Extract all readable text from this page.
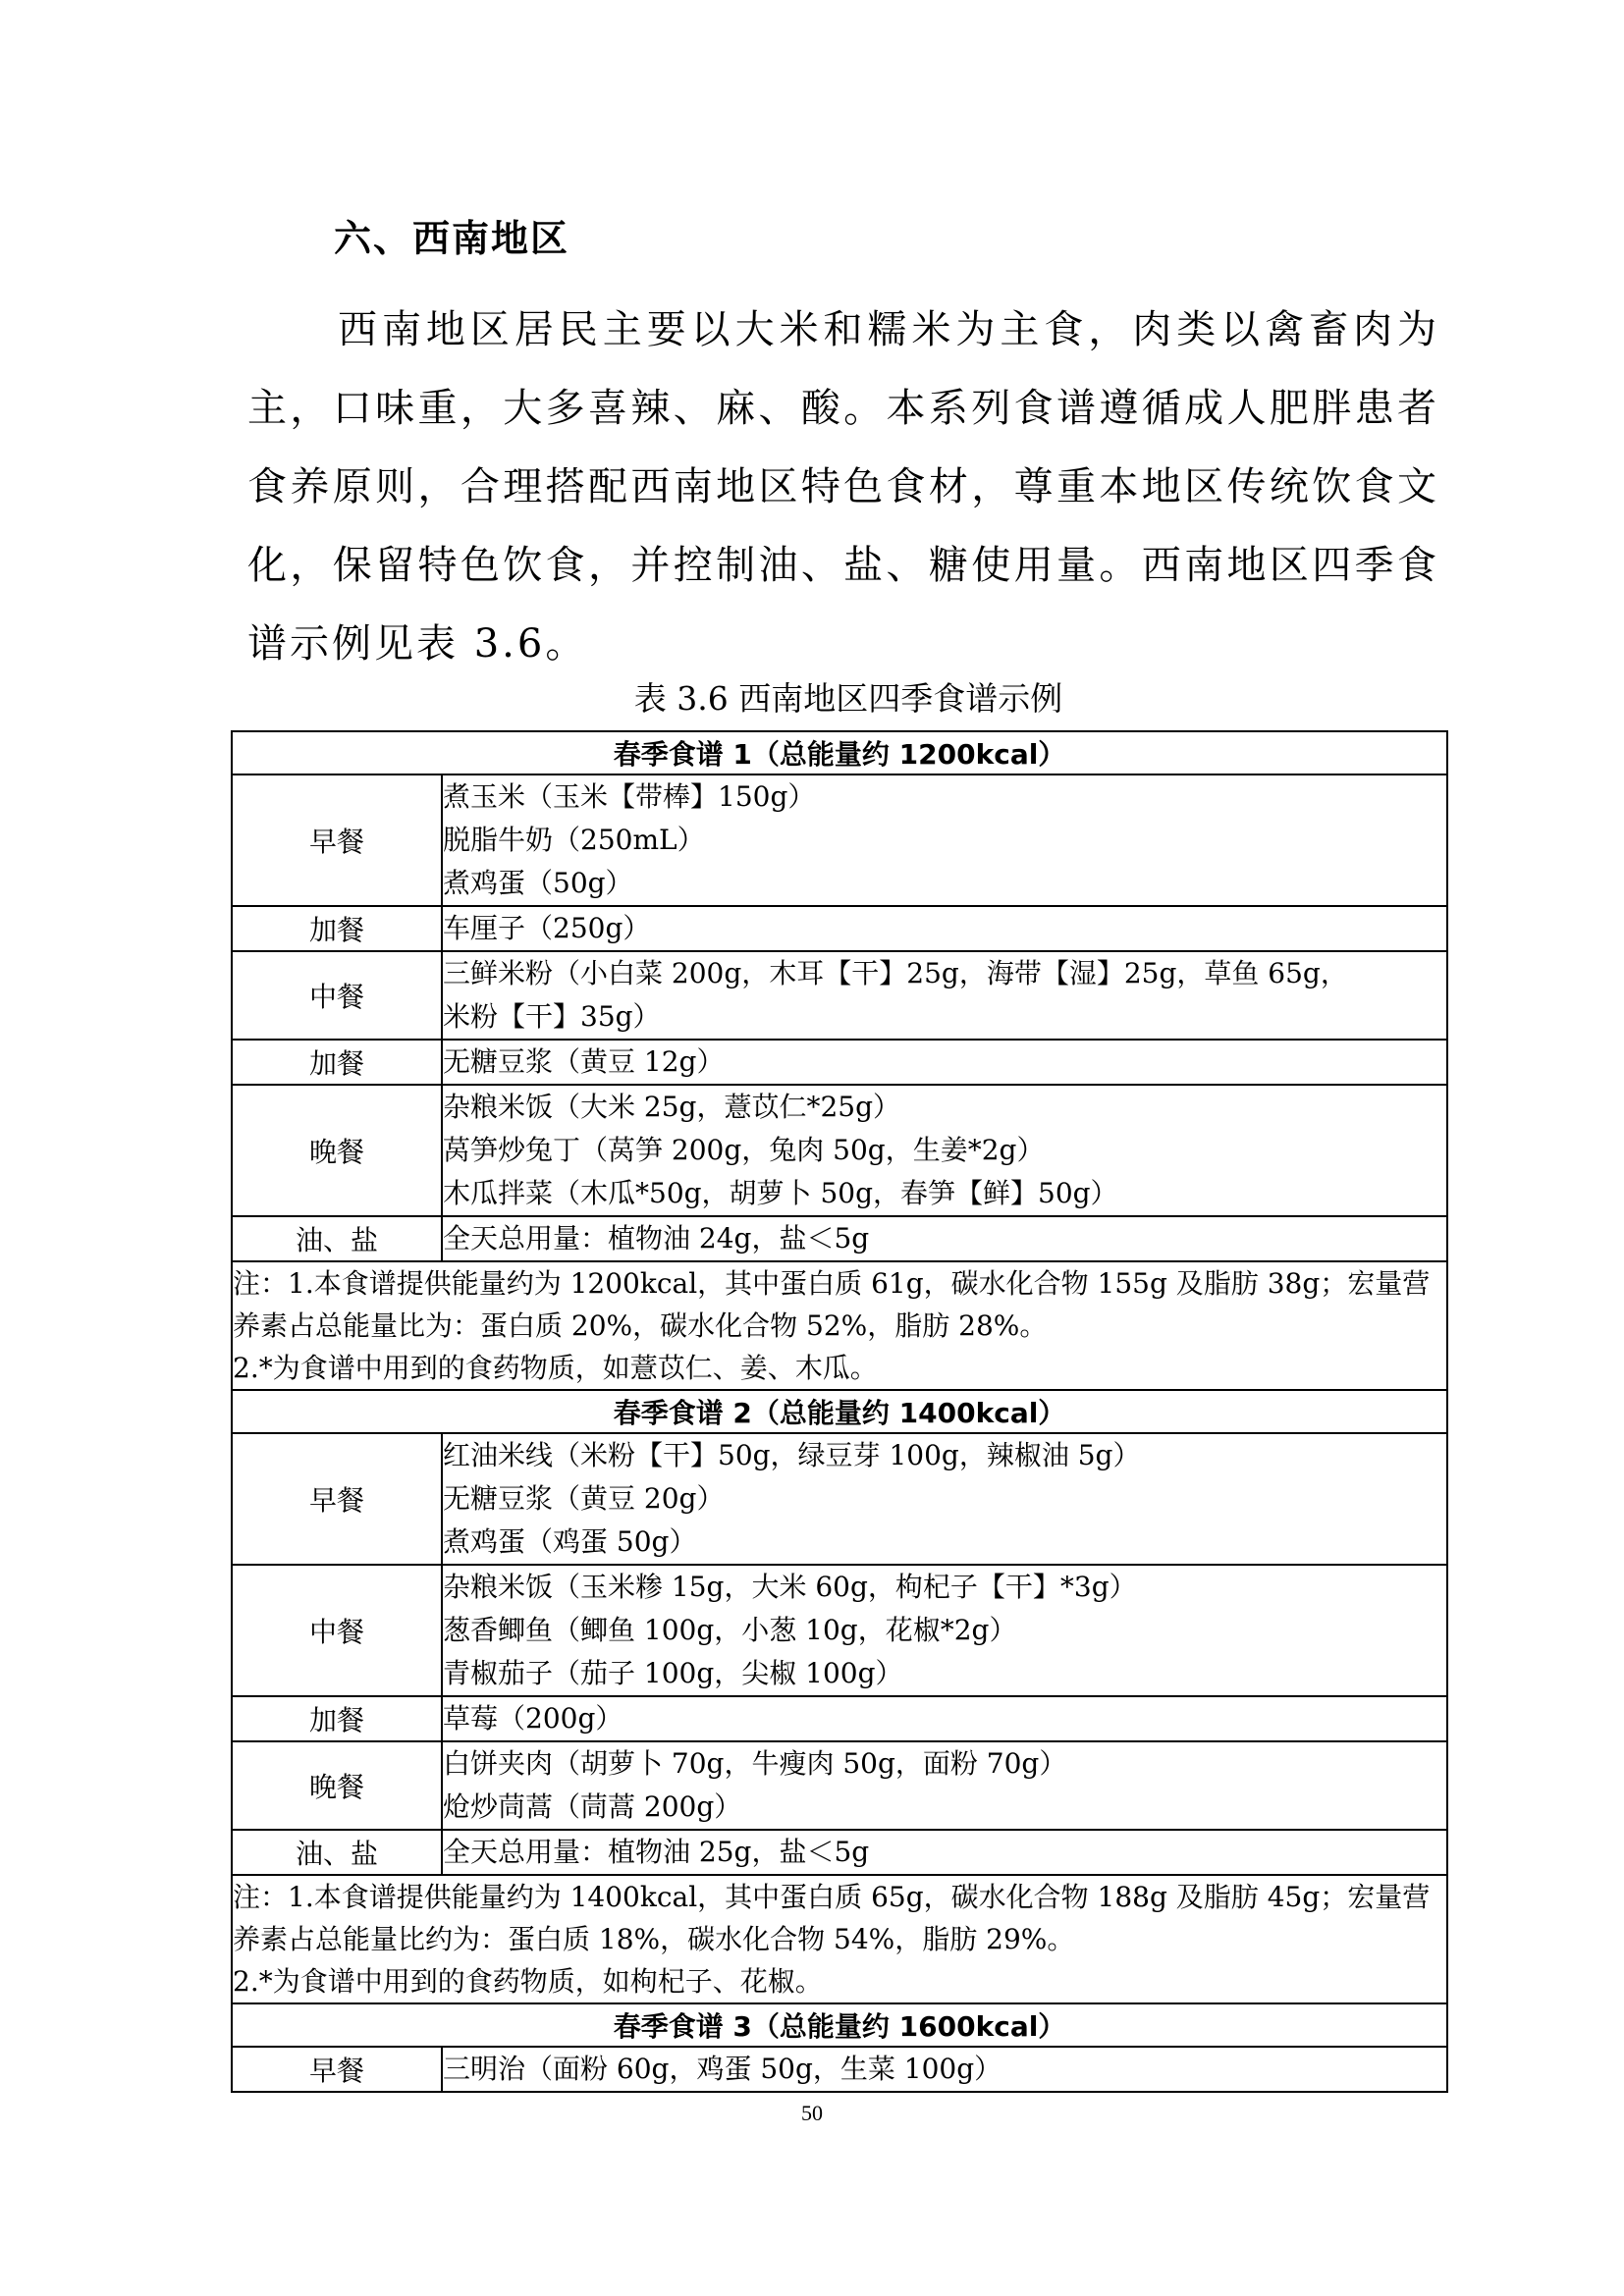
六、西南地区

西南地区居民主要以大米和糯米为主食，肉类以禽畜肉为主，口味重，大多喜辣、麻、酸。本系列食谱遵循成人肥胖患者食养原则，合理搭配西南地区特色食材，尊重本地区传统饮食文化，保留特色饮食，并控制油、盐、糖使用量。西南地区四季食谱示例见表 3.6。

表 3.6 西南地区四季食谱示例

春季食谱 1（总能量约 1200kcal）	
早餐	煮玉米（玉米【带棒】150g）
脱脂牛奶（250mL）
煮鸡蛋（50g）

加餐	车厘子（250g）

中餐	三鲜米粉（小白菜 200g，木耳【干】25g，海带【湿】25g，草鱼 65g，
米粉【干】35g）

加餐	无糖豆浆（黄豆 12g）

晚餐	杂粮米饭（大米 25g，薏苡仁*25g）
莴笋炒兔丁（莴笋 200g，兔肉 50g，生姜*2g）
木瓜拌菜（木瓜*50g，胡萝卜 50g，春笋【鲜】50g）

油、盐	全天总用量：植物油 24g，盐＜5g

注：1.本食谱提供能量约为 1200kcal，其中蛋白质 61g，碳水化合物 155g 及脂肪 38g；宏量营养素占总能量比为：蛋白质 20%，碳水化合物 52%，脂肪 28%。
2.*为食谱中用到的食药物质，如薏苡仁、姜、木瓜。	

春季食谱 2（总能量约 1400kcal）	
早餐	红油米线（米粉【干】50g，绿豆芽 100g，辣椒油 5g）
无糖豆浆（黄豆 20g）
煮鸡蛋（鸡蛋 50g）

中餐	杂粮米饭（玉米糁 15g，大米 60g，枸杞子【干】*3g）
葱香鲫鱼（鲫鱼 100g，小葱 10g，花椒*2g）
青椒茄子（茄子 100g，尖椒 100g）

加餐	草莓（200g）

晚餐	白饼夹肉（胡萝卜 70g，牛瘦肉 50g，面粉 70g）
炝炒茼蒿（茼蒿 200g）

油、盐	全天总用量：植物油 25g，盐＜5g

注：1.本食谱提供能量约为 1400kcal，其中蛋白质 65g，碳水化合物 188g 及脂肪 45g；宏量营养素占总能量比约为：蛋白质 18%，碳水化合物 54%，脂肪 29%。
2.*为食谱中用到的食药物质，如枸杞子、花椒。	

春季食谱 3（总能量约 1600kcal）	
早餐	三明治（面粉 60g，鸡蛋 50g，生菜 100g）

50
